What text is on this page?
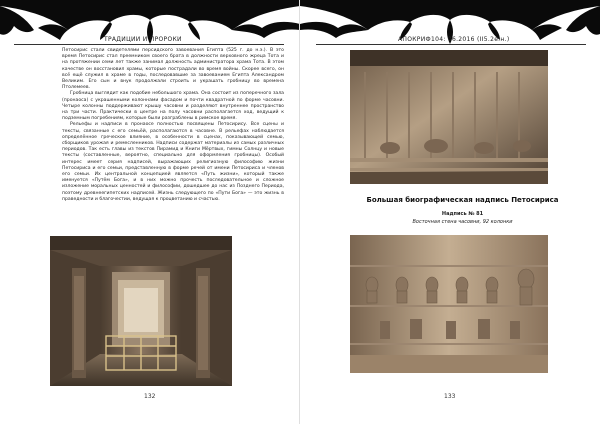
ТРАДИЦИИ И ПРОРОКИ

Петосирис стали свидетелями персидского завоевания Египта (525 г. до н.э.). В это время Петосирис стал преемником своего брата в должности верховного жреца Тота и на протяжении семи лет также занимал должность администратора храма Тота. В этом качестве он восстановил храмы, которые пострадали во время войны. Скорее всего, он всё ещё служил в храме в годы, последовавшие за завоеванием Египта Александром Великим. Его сын и внук продолжали строить и украшать гробницу во времена Птолемеев.

Гробница выглядит как подобие небольшого храма. Она состоит из поперечного зала (пронаоса) с украшенными колоннами фасадом и почти квадратной по форме часовни. Четыре колонны поддерживают крышу часовни и разделяют внутреннее пространство на три части. Практически в центре на полу часовни располагается ход, ведущий к подземным погребениям, которые были разграблены в римское время.

Рельефы и надписи в пронаосе полностью посвящены Петосирису. Все сцены и тексты, связанные с его семьёй, располагаются в часовне. В рельефах наблюдается определённое греческое влияние, в особенности в сценах, показывающей семью, сборщиков урожая и ремесленников. Надписи содержат материалы из самых различных периодов. Так есть главы из текстов Пирамид и Книги Мёртвых, гимны Солнцу и новые тексты (составленные, вероятно, специально для оформления гробницы). Особый интерес имеет серия надписей, выражающих религиозную философию жизни Петосириса и его семьи, представленную в форме речей от имени Петосириса и членов его семьи. Их центральной концепцией является «Путь жизни», который также именуется «Путём Бога», и в них можно прочесть последовательное и сложное изложение моральных ценностей и философии, дошедшее до нас из Позднего Периода, поэтому древнеегипетских надписей. Жизнь следующего по «Пути Бога» — это жизнь в праведности и благочестии, ведущая к процветанию и счастью.

132
АПОКРИФ104: 06.2016 (II5.2е.н.)
Большая биографическая надпись Петосириса
Надпись № 81
Восточная стена часовни, 92 колонки
133
